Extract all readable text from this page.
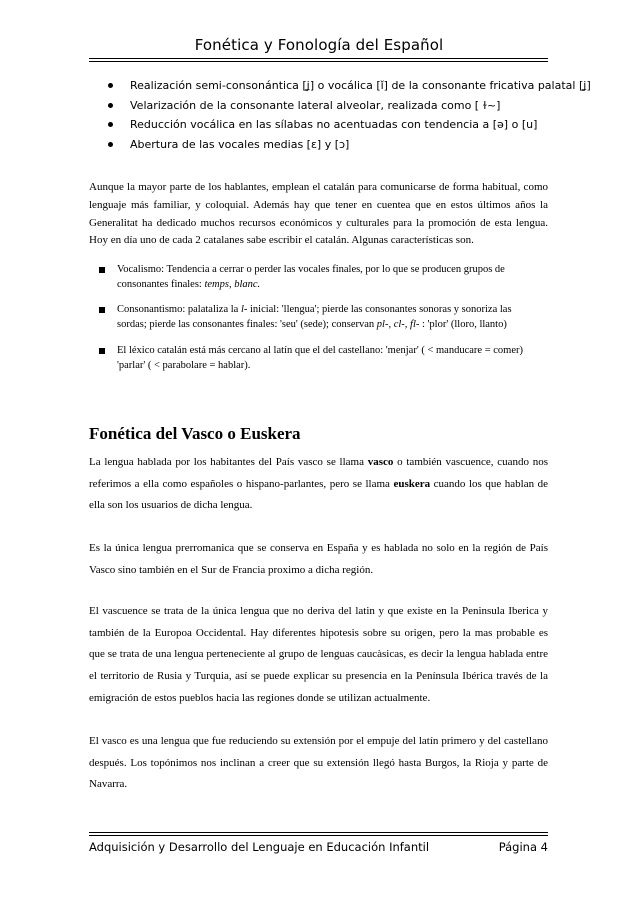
Fonética y Fonología del Español
Realización semi-consonántica [ʝ] o vocálica [ǐ] de la consonante fricativa palatal [ʝ]
Velarización de la consonante lateral alveolar, realizada como [ ɫ~]
Reducción vocálica en las sílabas no acentuadas con tendencia a [ə] o [u]
Abertura de las vocales medias [ɛ] y [ɔ]

Aunque la mayor parte de los hablantes, emplean el catalán para comunicarse de forma habitual, como lenguaje más familiar, y coloquial. Además hay que tener en cuentea que en estos últimos años la Generalitat ha dedicado muchos recursos económicos y culturales para la promoción de esta lengua. Hoy en día uno de cada 2 catalanes sabe escribir el catalán. Algunas características son.

Vocalismo: Tendencia a cerrar o perder las vocales finales, por lo que se producen grupos de consonantes finales: temps, blanc.
Consonantismo: palataliza la l- inicial: 'llengua'; pierde las consonantes sonoras y sonoriza las sordas; pierde las consonantes finales: 'seu' (sede); conservan pl-, cl-, fl- : 'plor' (lloro, llanto)
El léxico catalán está más cercano al latín que el del castellano: 'menjar' ( < manducare = comer) 'parlar' ( < parabolare = hablar).
Fonética del Vasco o Euskera

La lengua hablada por los habitantes del País vasco se llama vasco o también vascuence, cuando nos referimos a ella como españoles o hispano-parlantes, pero se llama euskera cuando los que hablan de ella son los usuarios de dicha lengua.

Es la única lengua prerromanica que se conserva en España y es hablada no solo en la región de País Vasco sino también en el Sur de Francia proximo a dicha región.

El vascuence se trata de la única lengua que no deriva del latin y que existe en la Peninsula Iberica y también de la Europoa Occidental. Hay diferentes hipotesis sobre su origen, pero la mas probable es que se trata de una lengua perteneciente al grupo de lenguas caucàsicas, es decir la lengua hablada entre el territorio de Rusia y Turquia, así se puede explicar su presencia en la Península Ibérica través de la emigración de estos pueblos hacia las regiones donde se utilizan actualmente.

El vasco es una lengua que fue reduciendo su extensión por el empuje del latín primero y del castellano después. Los topónimos nos inclinan a creer que su extensión llegó hasta Burgos, la Rioja y parte de Navarra.

Adquisición y Desarrollo del Lenguaje en Educación Infantil	Página 4
